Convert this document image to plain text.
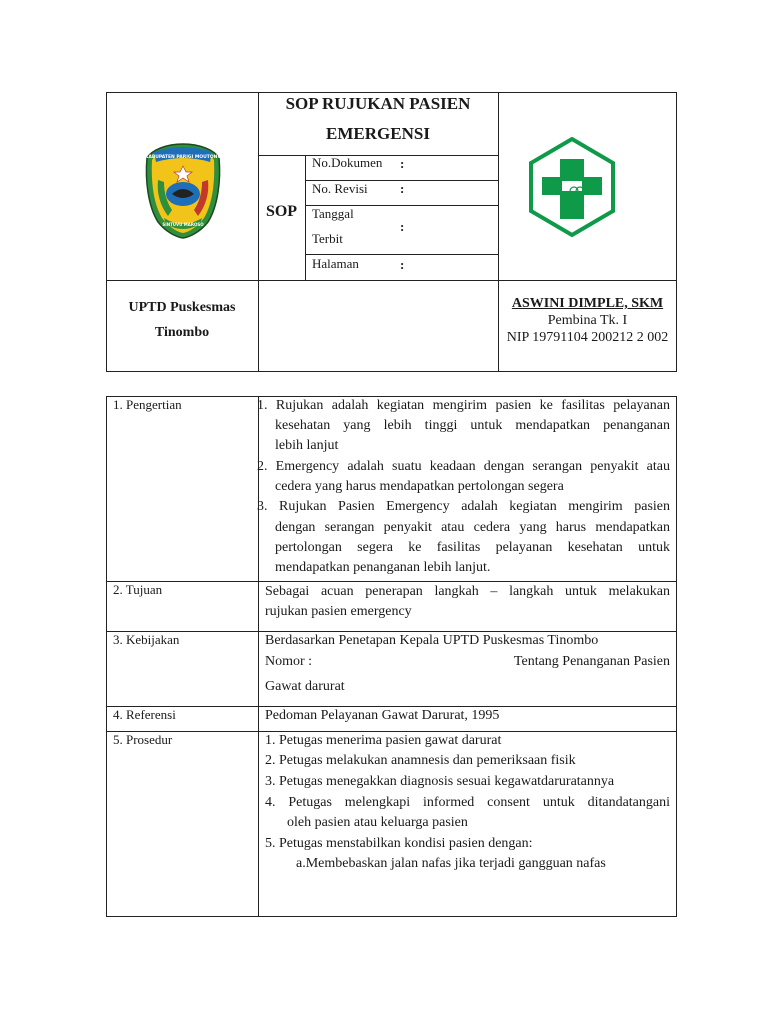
SOP RUJUKAN PASIEN
EMERGENSI
SOP
No.Dokumen :
No. Revisi :
Tanggal
Terbit
:
Halaman	:
UPTD Puskesmas
Tinombo
ASWINI DIMPLE, SKM
Pembina Tk. I
NIP 19791104 200212 2 002
KABUPATEN PARIGI MOUTONG
SINTUVU MAROSO
1. Pengertian
2. Tujuan
3. Kebijakan
4. Referensi
5. Prosedur
1. Rujukan adalah kegiatan mengirim pasien ke fasilitas pelayanan
kesehatan yang lebih tinggi untuk mendapatkan penanganan
lebih lanjut
2. Emergency adalah suatu keadaan dengan serangan penyakit atau
cedera yang harus mendapatkan pertolongan segera
3. Rujukan Pasien Emergency adalah kegiatan mengirim pasien
dengan serangan penyakit atau cedera yang harus mendapatkan
pertolongan segera ke fasilitas pelayanan kesehatan untuk
mendapatkan penanganan lebih lanjut.
Sebagai acuan penerapan langkah – langkah untuk melakukan
rujukan pasien emergency
Berdasarkan Penetapan Kepala UPTD Puskesmas Tinombo
Nomor :	Tentang Penanganan Pasien
Gawat darurat
Pedoman Pelayanan Gawat Darurat, 1995
1. Petugas menerima pasien gawat darurat
2. Petugas melakukan anamnesis dan pemeriksaan fisik
3. Petugas menegakkan diagnosis sesuai kegawatdaruratannya
4. Petugas melengkapi informed consent untuk ditandatangani
oleh pasien atau keluarga pasien
5. Petugas menstabilkan kondisi pasien dengan:
a.Membebaskan jalan nafas jika terjadi gangguan nafas
